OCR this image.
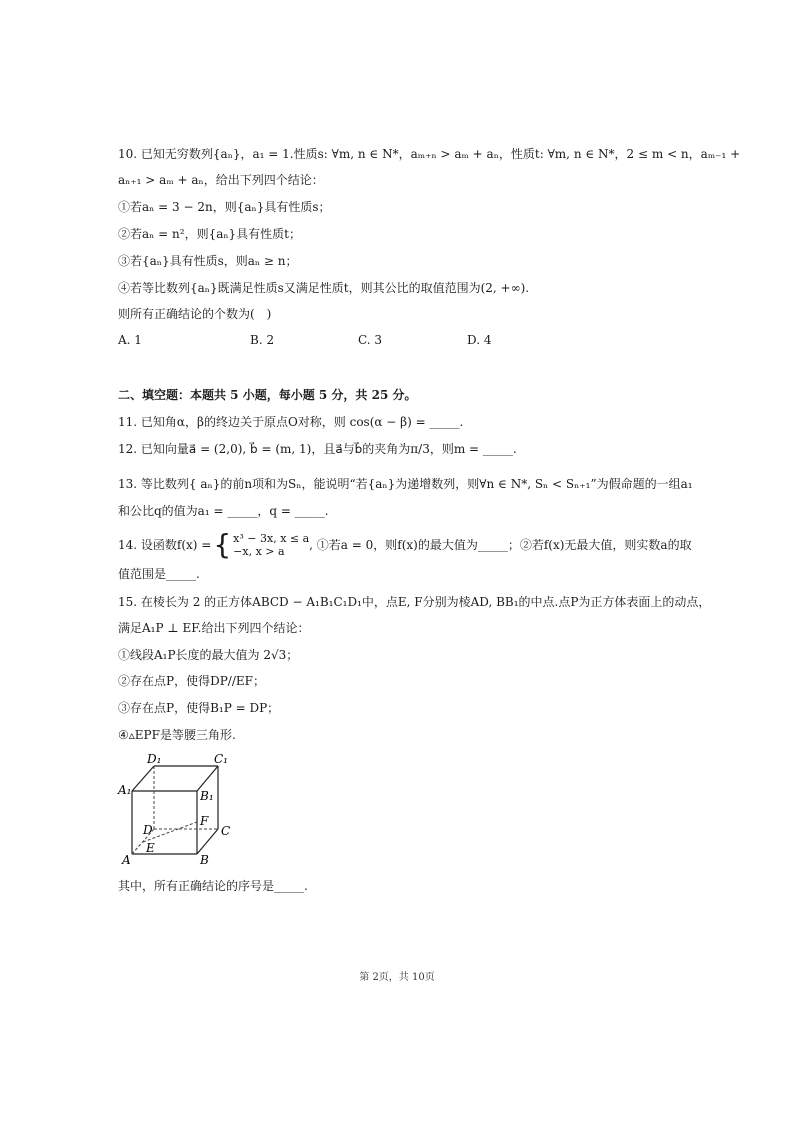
10. 已知无穷数列{aₙ}，a₁ = 1.性质s: ∀m, n ∈ N*，aₘ₊ₙ > aₘ + aₙ，性质t: ∀m, n ∈ N*，2 ≤ m < n，aₘ₋₁ +
aₙ₊₁ > aₘ + aₙ，给出下列四个结论：
①若aₙ = 3 − 2n，则{aₙ}具有性质s；
②若aₙ = n²，则{aₙ}具有性质t；
③若{aₙ}具有性质s，则aₙ ≥ n；
④若等比数列{aₙ}既满足性质s又满足性质t，则其公比的取值范围为(2, +∞).
则所有正确结论的个数为(　)
A. 1	B. 2	C. 3	D. 4
二、填空题：本题共 5 小题，每小题 5 分，共 25 分。
11. 已知角α，β的终边关于原点O对称，则 cos(α − β) = _____.
12. 已知向量a⃗ = (2,0), b⃗ = (m, 1)，且a⃗与b⃗的夹角为π/3，则m = _____.
13. 等比数列{ aₙ}的前n项和为Sₙ，能说明“若{aₙ}为递增数列，则∀n ∈ N*, Sₙ < Sₙ₊₁”为假命题的一组a₁
和公比q的值为a₁ = _____，q = _____.
14. 设函数f(x) = { x³ − 3x, x ≤ a
−x, x > a	, ①若a = 0，则f(x)的最大值为_____；②若f(x)无最大值，则实数a的取
值范围是_____.
15. 在棱长为 2 的正方体ABCD − A₁B₁C₁D₁中，点E, F分别为棱AD, BB₁的中点.点P为正方体表面上的动点，
满足A₁P ⊥ EF.给出下列四个结论：
①线段A₁P长度的最大值为 2√3；
②存在点P，使得DP//EF；
③存在点P，使得B₁P = DP；
④▵EPF是等腰三角形.
D₁	C₁
A₁	B₁
D
F
C
E
A	B
其中，所有正确结论的序号是_____.
第 2页，共 10页
